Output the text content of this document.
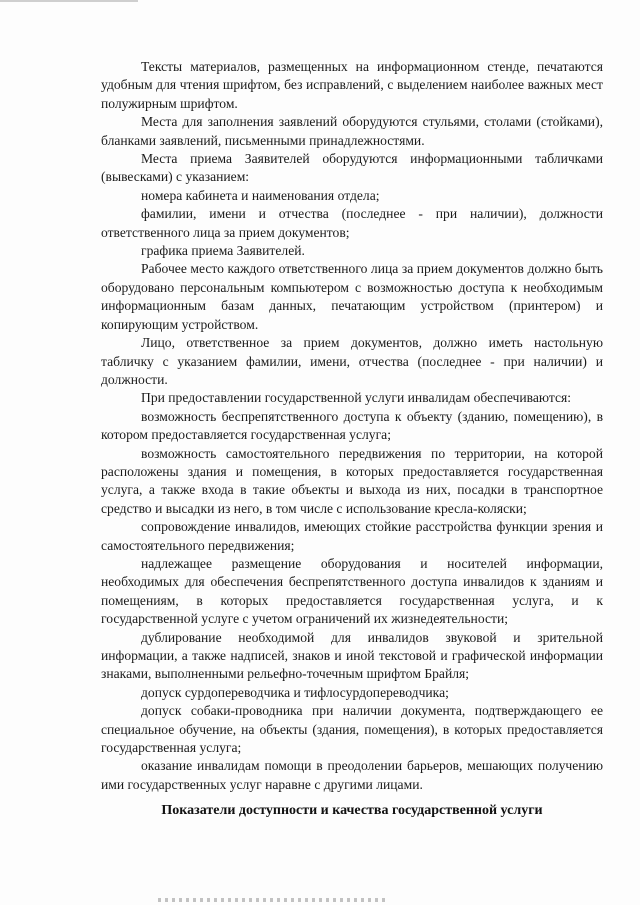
Тексты материалов, размещенных на информационном стенде, печатаются удобным для чтения шрифтом, без исправлений, с выделением наиболее важных мест полужирным шрифтом.

Места для заполнения заявлений оборудуются стульями, столами (стойками), бланками заявлений, письменными принадлежностями.

Места приема Заявителей оборудуются информационными табличками (вывесками) с указанием:

номера кабинета и наименования отдела;

фамилии, имени и отчества (последнее - при наличии), должности ответственного лица за прием документов;

графика приема Заявителей.

Рабочее место каждого ответственного лица за прием документов должно быть оборудовано персональным компьютером с возможностью доступа к необходимым информационным базам данных, печатающим устройством (принтером) и копирующим устройством.

Лицо, ответственное за прием документов, должно иметь настольную табличку с указанием фамилии, имени, отчества (последнее - при наличии) и должности.

При предоставлении государственной услуги инвалидам обеспечиваются:

возможность беспрепятственного доступа к объекту (зданию, помещению), в котором предоставляется государственная услуга;

возможность самостоятельного передвижения по территории, на которой расположены здания и помещения, в которых предоставляется государственная услуга, а также входа в такие объекты и выхода из них, посадки в транспортное средство и высадки из него, в том числе с использование кресла-коляски;

сопровождение инвалидов, имеющих стойкие расстройства функции зрения и самостоятельного передвижения;

надлежащее размещение оборудования и носителей информации, необходимых для обеспечения беспрепятственного доступа инвалидов к зданиям и помещениям, в которых предоставляется государственная услуга, и к государственной услуге с учетом ограничений их жизнедеятельности;

дублирование необходимой для инвалидов звуковой и зрительной информации, а также надписей, знаков и иной текстовой и графической информации знаками, выполненными рельефно-точечным шрифтом Брайля;

допуск сурдопереводчика и тифлосурдопереводчика;

допуск собаки-проводника при наличии документа, подтверждающего ее специальное обучение, на объекты (здания, помещения), в которых предоставляется государственная услуга;

оказание инвалидам помощи в преодолении барьеров, мешающих получению ими государственных услуг наравне с другими лицами.

Показатели доступности и качества государственной услуги
